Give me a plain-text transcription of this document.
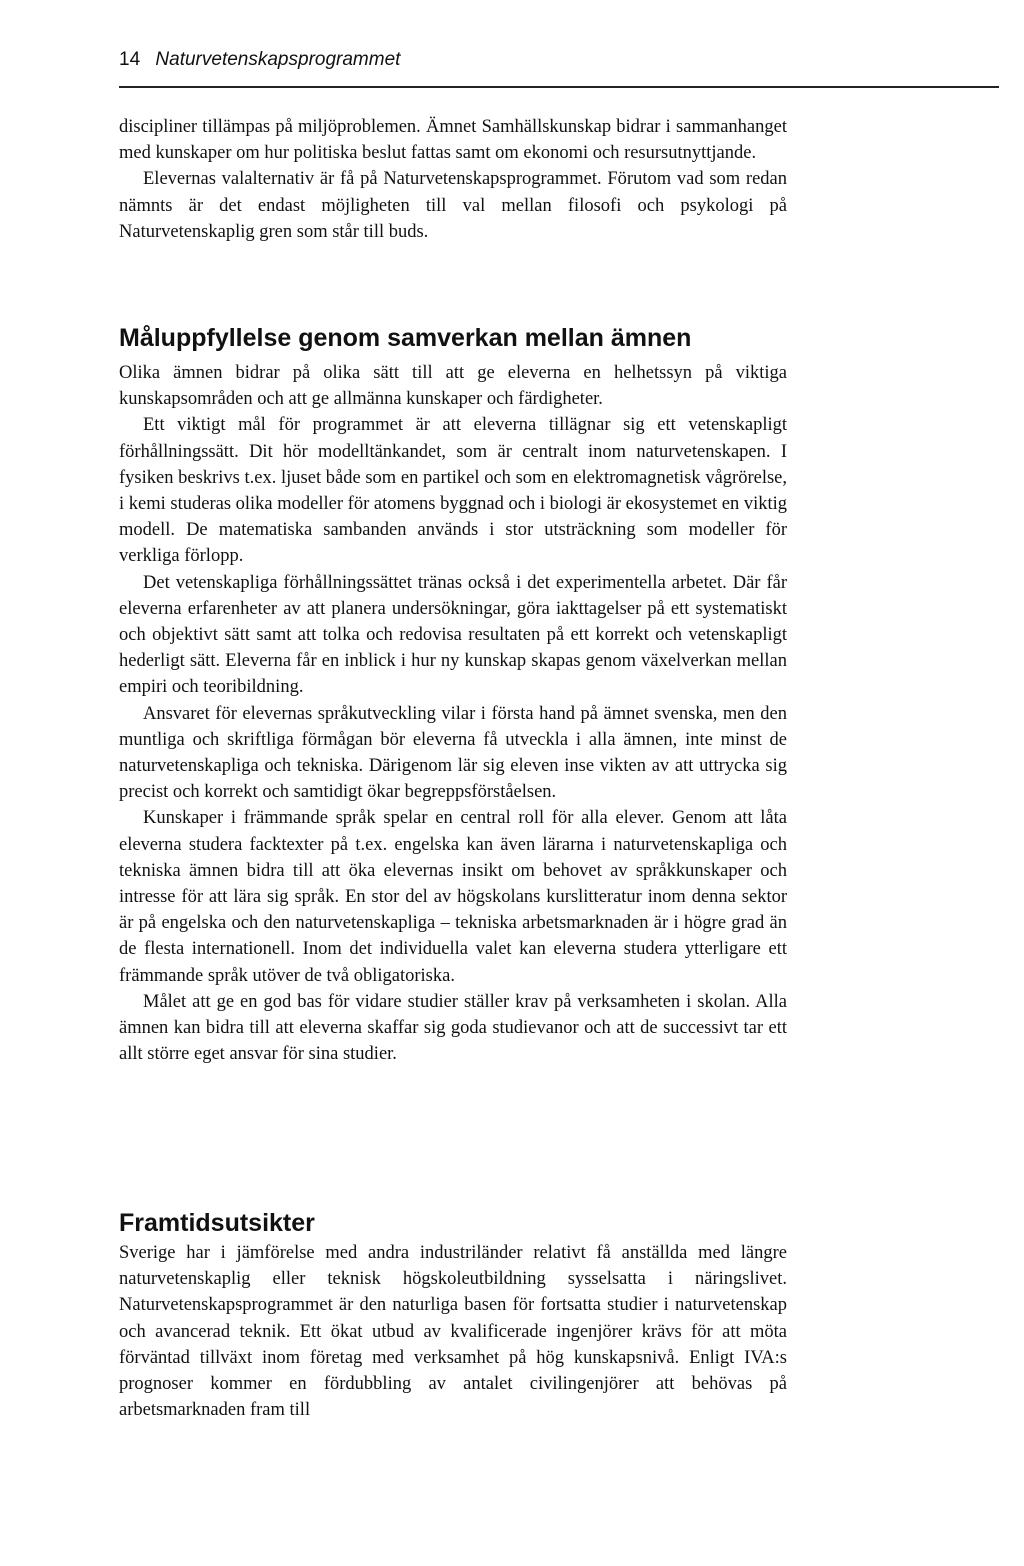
14 Naturvetenskapsprogrammet

discipliner tillämpas på miljöproblemen. Ämnet Samhällskunskap bidrar i sammanhanget med kunskaper om hur politiska beslut fattas samt om ekonomi och resursutnyttjande.

Elevernas valalternativ är få på Naturvetenskapsprogrammet. Förutom vad som redan nämnts är det endast möjligheten till val mellan filosofi och psykologi på Naturvetenskaplig gren som står till buds.

Måluppfyllelse genom samverkan mellan ämnen

Olika ämnen bidrar på olika sätt till att ge eleverna en helhetssyn på viktiga kunskapsområden och att ge allmänna kunskaper och färdigheter.

Ett viktigt mål för programmet är att eleverna tillägnar sig ett vetenskapligt förhållningssätt. Dit hör modelltänkandet, som är centralt inom naturvetenskapen. I fysiken beskrivs t.ex. ljuset både som en partikel och som en elektromagnetisk vågrörelse, i kemi studeras olika modeller för atomens byggnad och i biologi är ekosystemet en viktig modell. De matematiska sambanden används i stor utsträckning som modeller för verkliga förlopp.

Det vetenskapliga förhållningssättet tränas också i det experimentella arbetet. Där får eleverna erfarenheter av att planera undersökningar, göra iakttagelser på ett systematiskt och objektivt sätt samt att tolka och redovisa resultaten på ett korrekt och vetenskapligt hederligt sätt. Eleverna får en inblick i hur ny kunskap skapas genom växelverkan mellan empiri och teoribildning.

Ansvaret för elevernas språkutveckling vilar i första hand på ämnet svenska, men den muntliga och skriftliga förmågan bör eleverna få utveckla i alla ämnen, inte minst de naturvetenskapliga och tekniska. Därigenom lär sig eleven inse vikten av att uttrycka sig precist och korrekt och samtidigt ökar begreppsförståelsen.

Kunskaper i främmande språk spelar en central roll för alla elever. Genom att låta eleverna studera facktexter på t.ex. engelska kan även lärarna i naturvetenskapliga och tekniska ämnen bidra till att öka elevernas insikt om behovet av språkkunskaper och intresse för att lära sig språk. En stor del av högskolans kurslitteratur inom denna sektor är på engelska och den naturvetenskapliga – tekniska arbetsmarknaden är i högre grad än de flesta internationell. Inom det individuella valet kan eleverna studera ytterligare ett främmande språk utöver de två obligatoriska.

Målet att ge en god bas för vidare studier ställer krav på verksamheten i skolan. Alla ämnen kan bidra till att eleverna skaffar sig goda studievanor och att de successivt tar ett allt större eget ansvar för sina studier.

Framtidsutsikter

Sverige har i jämförelse med andra industriländer relativt få anställda med längre naturvetenskaplig eller teknisk högskoleutbildning sysselsatta i näringslivet. Naturvetenskapsprogrammet är den naturliga basen för fortsatta studier i naturvetenskap och avancerad teknik. Ett ökat utbud av kvalificerade ingenjörer krävs för att möta förväntad tillväxt inom företag med verksamhet på hög kunskapsnivå. Enligt IVA:s prognoser kommer en fördubbling av antalet civilingenjörer att behövas på arbetsmarknaden fram till
